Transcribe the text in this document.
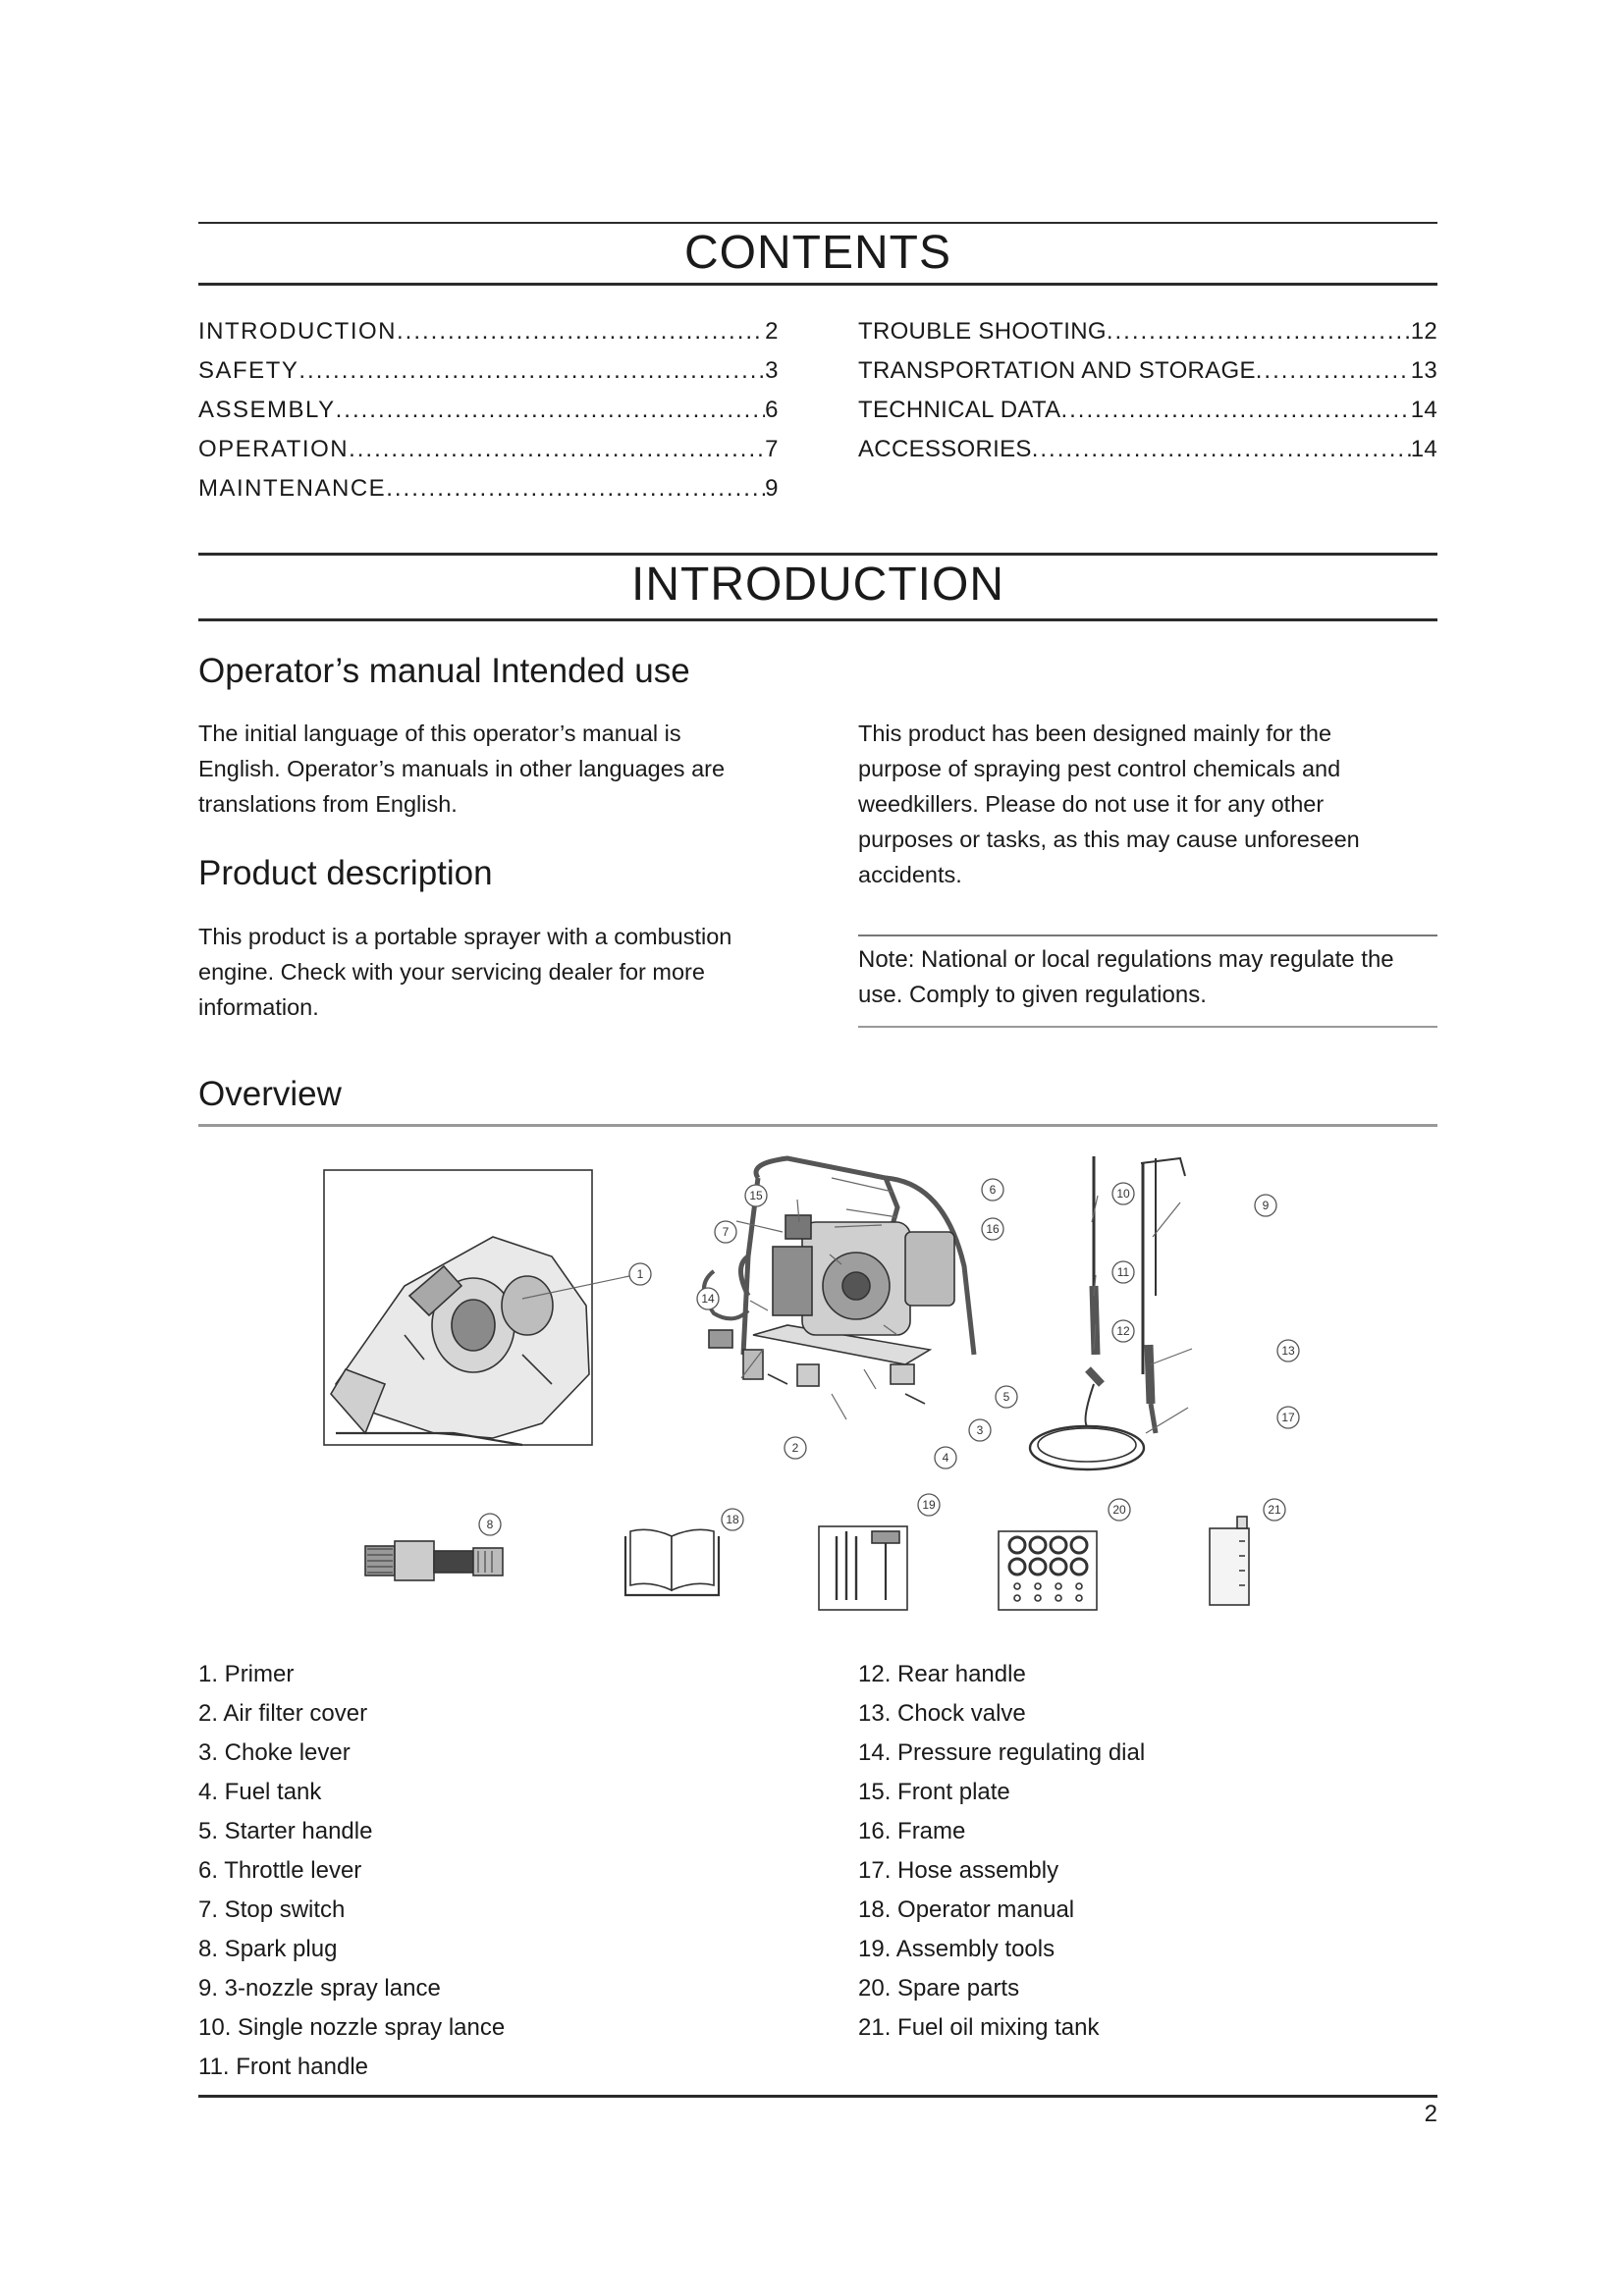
CONTENTS
INTRODUCTION .....	2
SAFETY .....	3
ASSEMBLY .....	6
OPERATION .....	7
MAINTENANCE .....	9
TROUBLE SHOOTING .....	12
TRANSPORTATION AND STORAGE .....	13
TECHNICAL DATA .....	14
ACCESSORIES .....	14
INTRODUCTION
Operator’s manual Intended use
The initial language of this operator’s manual is
English. Operator’s manuals in other languages are
translations from English.
This product has been designed mainly for the
purpose of spraying pest control chemicals and
weedkillers. Please do not use it for any other
purposes or tasks, as this may cause unforeseen
accidents.
Product description
This product is a portable sprayer with a combustion
engine. Check with your servicing dealer for more
information.
Note: National or local regulations may regulate the
use. Comply to given regulations.
Overview
1
2
3
4
5
6
7
8
9
10
11
12
13
14
15
16
17
18
19	20	21
1. Primer
2. Air filter cover
3. Choke lever
4. Fuel tank
5. Starter handle
6. Throttle lever
7. Stop switch
8. Spark plug
9. 3-nozzle spray lance
10. Single nozzle spray lance
11. Front handle
12. Rear handle
13. Chock valve
14. Pressure regulating dial
15. Front plate
16. Frame
17. Hose assembly
18. Operator manual
19. Assembly tools
20. Spare parts
21. Fuel oil mixing tank
2
